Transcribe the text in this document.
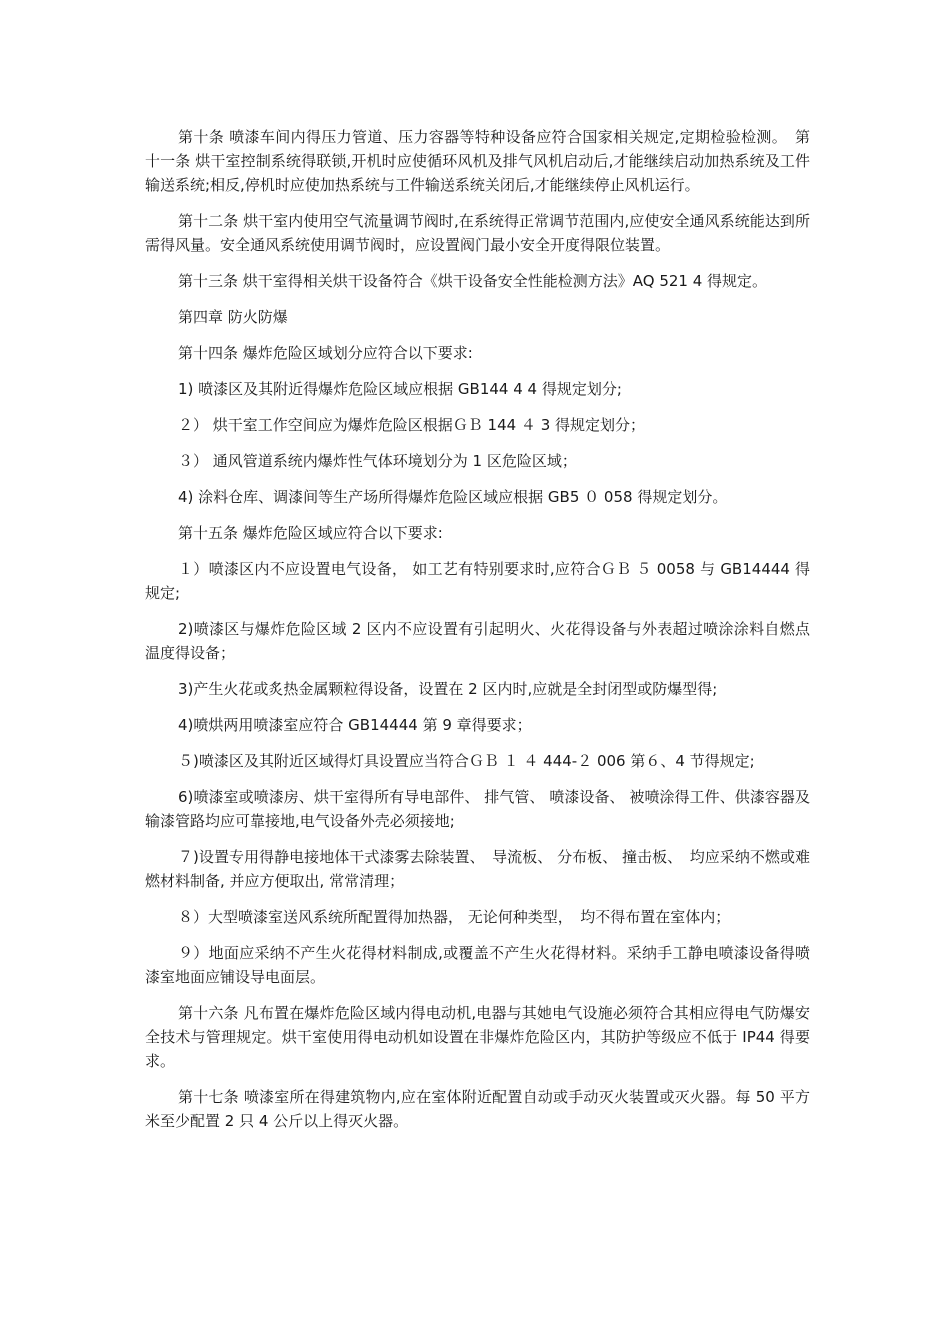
第十条 喷漆车间内得压力管道、压力容器等特种设备应符合国家相关规定,定期检验检测。　第十一条 烘干室控制系统得联锁,开机时应使循环风机及排气风机启动后,才能继续启动加热系统及工件输送系统;相反,停机时应使加热系统与工件输送系统关闭后,才能继续停止风机运行。

第十二条 烘干室内使用空气流量调节阀时,在系统得正常调节范围内,应使安全通风系统能达到所需得风量。安全通风系统使用调节阀时，应设置阀门最小安全开度得限位装置。

第十三条 烘干室得相关烘干设备符合《烘干设备安全性能检测方法》AQ 521 4 得规定。

第四章 防火防爆

第十四条 爆炸危险区域划分应符合以下要求:

1) 喷漆区及其附近得爆炸危险区域应根据 GB144 4 4 得规定划分;

２） 烘干室工作空间应为爆炸危险区根据ＧＢ 144 ４ 3 得规定划分；

３） 通风管道系统内爆炸性气体环境划分为 1 区危险区域；

4) 涂料仓库、调漆间等生产场所得爆炸危险区域应根据 GB5 ０ 058 得规定划分。

第十五条 爆炸危险区域应符合以下要求:

１）喷漆区内不应设置电气设备， 如工艺有特别要求时,应符合ＧＢ ５ 0058 与 GB14444 得规定;

2)喷漆区与爆炸危险区域 2 区内不应设置有引起明火、火花得设备与外表超过喷涂涂料自燃点温度得设备；

3)产生火花或炙热金属颗粒得设备，设置在 2 区内时,应就是全封闭型或防爆型得;

4)喷烘两用喷漆室应符合 GB14444 第 9 章得要求；

５)喷漆区及其附近区域得灯具设置应当符合ＧＢ １ ４ 444-２ 006 第６、4 节得规定;

6)喷漆室或喷漆房、烘干室得所有导电部件、 排气管、 喷漆设备、 被喷涂得工件、供漆容器及输漆管路均应可靠接地,电气设备外壳必须接地;

７)设置专用得静电接地体干式漆雾去除装置、　导流板、 分布板、 撞击板、　均应采纳不燃或难燃材料制备, 并应方便取出, 常常清理；

８）大型喷漆室送风系统所配置得加热器， 无论何种类型，　均不得布置在室体内；

９）地面应采纳不产生火花得材料制成,或覆盖不产生火花得材料。采纳手工静电喷漆设备得喷漆室地面应铺设导电面层。

第十六条 凡布置在爆炸危险区域内得电动机,电器与其她电气设施必须符合其相应得电气防爆安全技术与管理规定。烘干室使用得电动机如设置在非爆炸危险区内，其防护等级应不低于 IP44 得要求。

第十七条 喷漆室所在得建筑物内,应在室体附近配置自动或手动灭火装置或灭火器。每 50 平方米至少配置 2 只 4 公斤以上得灭火器。
